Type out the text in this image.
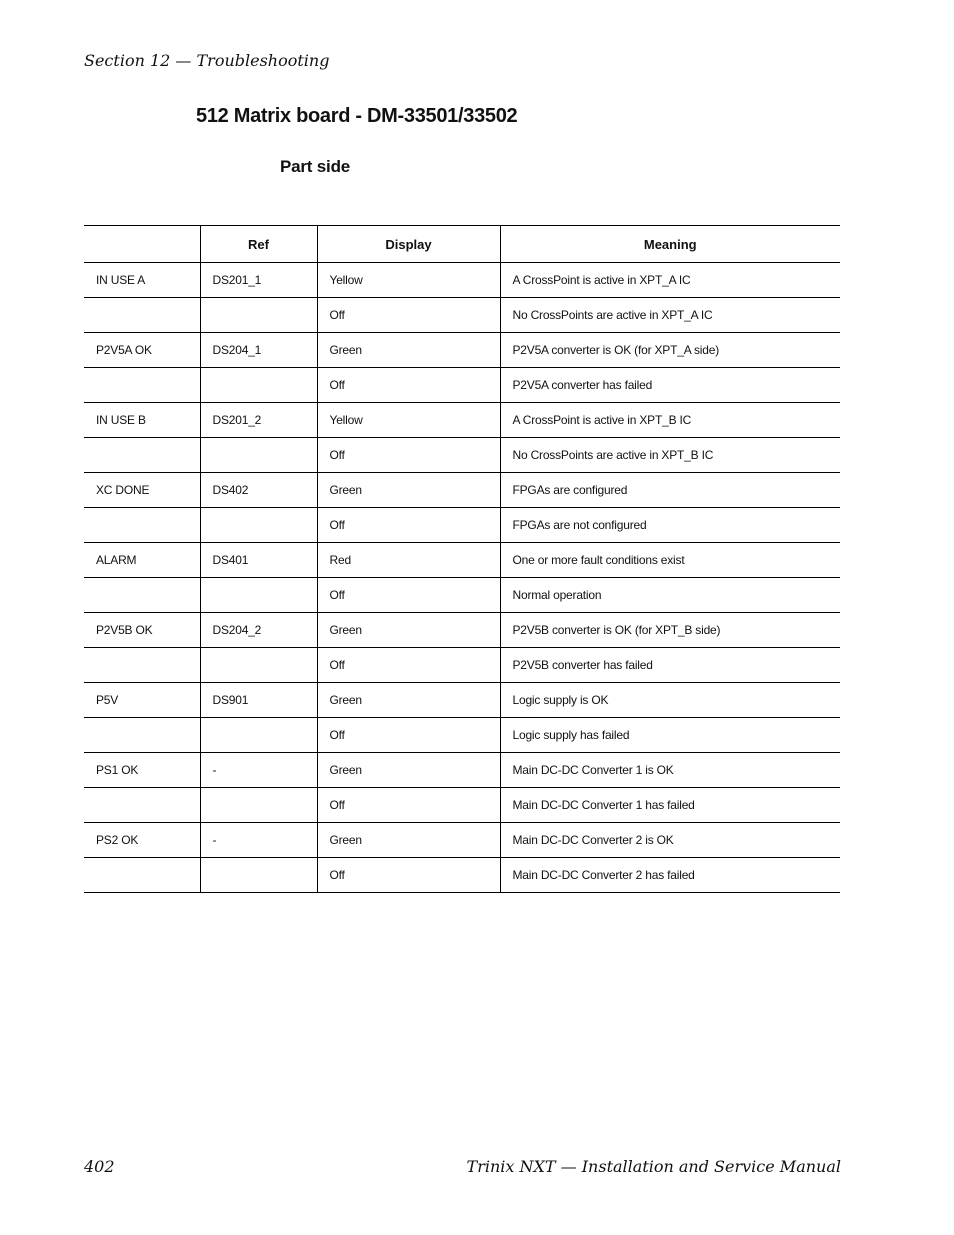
Section 12 — Troubleshooting
512 Matrix board - DM-33501/33502
Part side
	Ref	Display	Meaning
IN USE A	DS201_1	Yellow	A CrossPoint is active in XPT_A IC
		Off	No CrossPoints are active in XPT_A IC
P2V5A OK	DS204_1	Green	P2V5A converter is OK (for XPT_A side)
		Off	P2V5A converter has failed
IN USE B	DS201_2	Yellow	A CrossPoint is active in XPT_B IC
		Off	No CrossPoints are active in XPT_B IC
XC DONE	DS402	Green	FPGAs are configured
		Off	FPGAs are not configured
ALARM	DS401	Red	One or more fault conditions exist
		Off	Normal operation
P2V5B OK	DS204_2	Green	P2V5B converter is OK (for XPT_B side)
		Off	P2V5B converter has failed
P5V	DS901	Green	Logic supply is OK
		Off	Logic supply has failed
PS1 OK	-	Green	Main DC-DC Converter 1 is OK
		Off	Main DC-DC Converter 1 has failed
PS2 OK	-	Green	Main DC-DC Converter 2 is OK
		Off	Main DC-DC Converter 2 has failed
402	Trinix NXT — Installation and Service Manual
